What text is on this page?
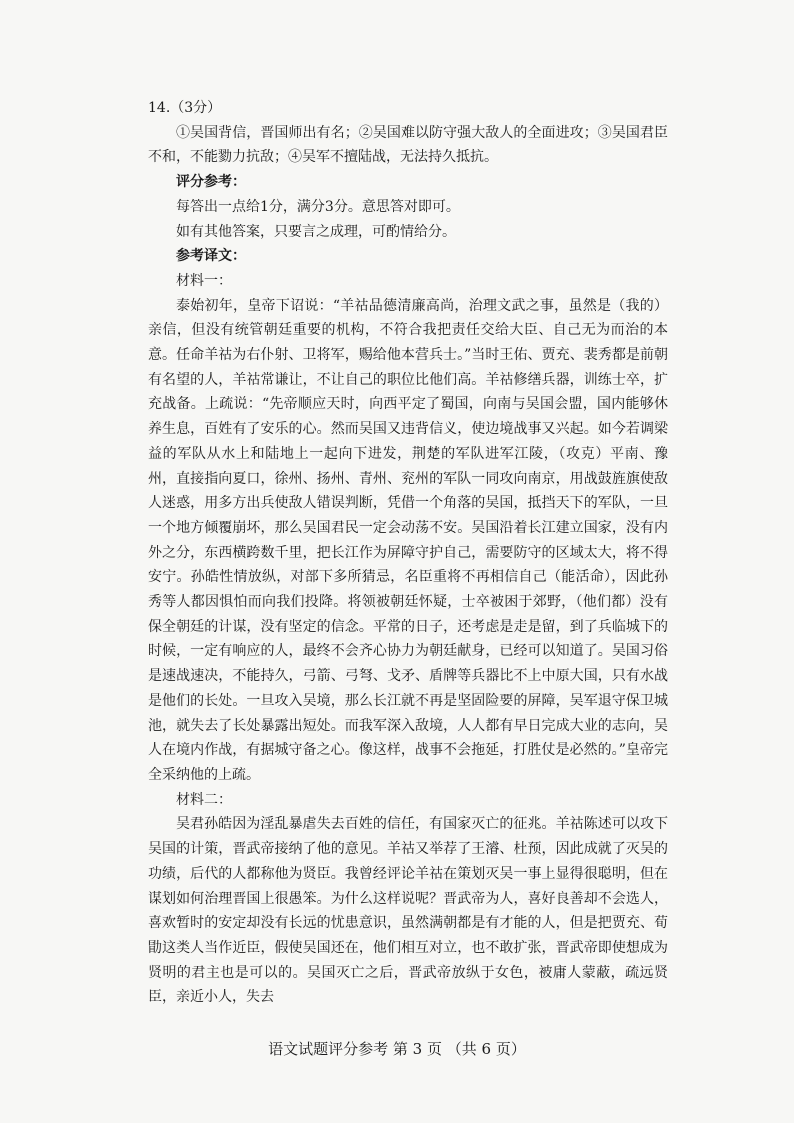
14.（3分）

①吴国背信，晋国师出有名；②吴国难以防守强大敌人的全面进攻；③吴国君臣不和，不能勠力抗敌；④吴军不擅陆战，无法持久抵抗。

评分参考：

每答出一点给1分，满分3分。意思答对即可。

如有其他答案，只要言之成理，可酌情给分。

参考译文：

材料一：

泰始初年，皇帝下诏说：“羊祜品德清廉高尚，治理文武之事，虽然是（我的）亲信，但没有统管朝廷重要的机构，不符合我把责任交给大臣、自己无为而治的本意。任命羊祜为右仆射、卫将军，赐给他本营兵士。”当时王佑、贾充、裴秀都是前朝有名望的人，羊祜常谦让，不让自己的职位比他们高。羊祜修缮兵器，训练士卒，扩充战备。上疏说：“先帝顺应天时，向西平定了蜀国，向南与吴国会盟，国内能够休养生息，百姓有了安乐的心。然而吴国又违背信义，使边境战事又兴起。如今若调梁益的军队从水上和陆地上一起向下进发，荆楚的军队进军江陵，（攻克）平南、豫州，直接指向夏口，徐州、扬州、青州、兖州的军队一同攻向南京，用战鼓旌旗使敌人迷惑，用多方出兵使敌人错误判断，凭借一个角落的吴国，抵挡天下的军队，一旦一个地方倾覆崩坏，那么吴国君民一定会动荡不安。吴国沿着长江建立国家，没有内外之分，东西横跨数千里，把长江作为屏障守护自己，需要防守的区域太大，将不得安宁。孙皓性情放纵，对部下多所猜忌，名臣重将不再相信自己（能活命），因此孙秀等人都因惧怕而向我们投降。将领被朝廷怀疑，士卒被困于郊野，（他们都）没有保全朝廷的计谋，没有坚定的信念。平常的日子，还考虑是走是留，到了兵临城下的时候，一定有响应的人，最终不会齐心协力为朝廷献身，已经可以知道了。吴国习俗是速战速决，不能持久，弓箭、弓弩、戈矛、盾牌等兵器比不上中原大国，只有水战是他们的长处。一旦攻入吴境，那么长江就不再是坚固险要的屏障，吴军退守保卫城池，就失去了长处暴露出短处。而我军深入敌境，人人都有早日完成大业的志向，吴人在境内作战，有据城守备之心。像这样，战事不会拖延，打胜仗是必然的。”皇帝完全采纳他的上疏。

材料二：

吴君孙皓因为淫乱暴虐失去百姓的信任，有国家灭亡的征兆。羊祜陈述可以攻下吴国的计策，晋武帝接纳了他的意见。羊祜又举荐了王濬、杜预，因此成就了灭吴的功绩，后代的人都称他为贤臣。我曾经评论羊祜在策划灭吴一事上显得很聪明，但在谋划如何治理晋国上很愚笨。为什么这样说呢？晋武帝为人，喜好良善却不会选人，喜欢暂时的安定却没有长远的忧患意识，虽然满朝都是有才能的人，但是把贾充、荀勖这类人当作近臣，假使吴国还在，他们相互对立，也不敢扩张，晋武帝即使想成为贤明的君主也是可以的。吴国灭亡之后，晋武帝放纵于女色，被庸人蒙蔽，疏远贤臣，亲近小人，失去

语文试题评分参考 第 3 页 （共 6 页）
